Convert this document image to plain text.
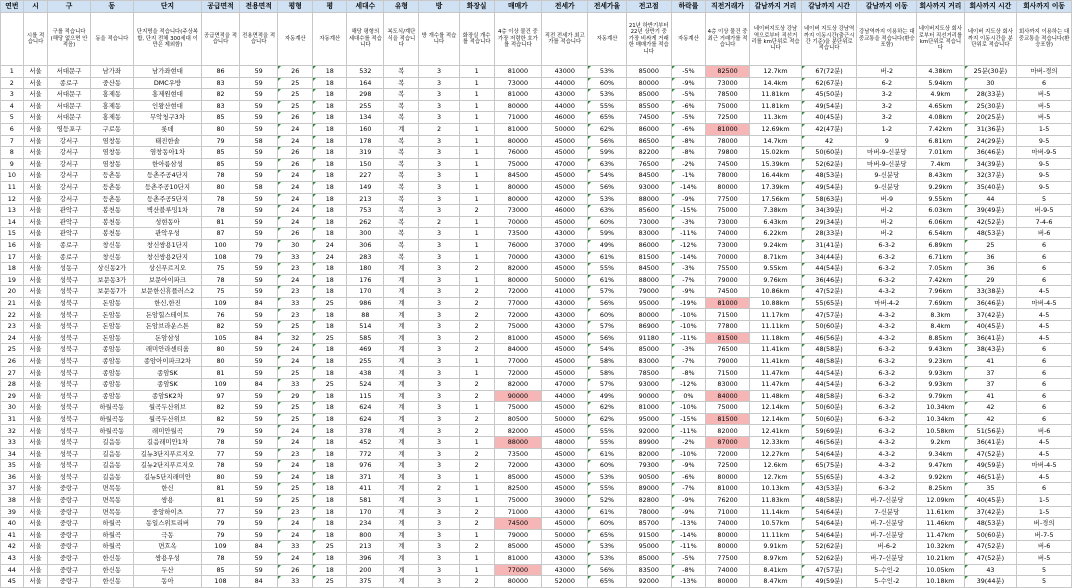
연번	시	구	동	단지	공급면적	전용면적	평형	평	세대수	유형	방	화장실	매매가	전세가	전세가율	전고점	하락률	직전거래가	갈남까지 거리	갈남까지 시간	갈남까지 이동	회사까지 거리	회사까지 시간	회사까지 이동
	시를 적습니다	구를 적습니다(해당 없으면 안 적음)	동을 적습니다	단지명을 적습니다(주상복합, 단지 전체 300세대 이만은 제외함)	공급면적을 적습니다	전용면적을 적습니다	자동계산	자동계산	해당 평형의 세대수를 적습니다	복도식/계단식을 적습니다	방 개수를 적습니다	화장실 개수를 적습니다	4층 이상 물건 중 가장 저렴한 호가를 적습니다	직전 전세가 최고가를 적습니다	자동계산	21년 하반기부터 22년 상반기 중 가장 비싸게 거래한 매매가를 적습니다	자동계산	4층 이상 물건 중 최근 거래가를 적습니다	네이버지도상 강남역으로부터 직선거리를 km단위로 적습니다	네이버 지도상 강남역까지 이동시간(출근시간 기준)을 분단위로 적습니다	강남역까지 이용하는 대중교통을 적습니다(환승포함)	네이버지도상 회사로부터 직선거리를 km단위로 적습니다	네이버 지도상 회사까지 이동시간을 분단위로 적습니다	회사까지 이용하는 대중교통을 적습니다(환승포함)
1	서울	서대문구	남가좌	남가좌현대	86	59	26	18	532	복	3	1	81000	43000	53%	85000	-5%	82500	12.7km	67(72분)	버-2	4.38km	25분(30분)	마버-경의
2	서울	종로구	중산동	DMC우방	83	59	25	18	164	복	3	1	73000	44000	60%	80000	-9%	73000	14.4km	62(67분)	6-2	5.94km	30	6
3	서울	서대문구	홍제동	홍제원현대	82	59	25	18	298	복	3	1	81000	43000	53%	85000	-5%	78500	11.81km	45(50분)	3-2	4.9km	28(33분)	버-5
4	서울	서대문구	홍제동	인왕산현대	83	59	25	18	255	복	3	1	80000	44000	55%	85500	-6%	75000	11.81km	49(54분)	3-2	4.65km	25(30분)	버-5
5	서울	서대문구	홍제동	무악청구3차	85	59	26	18	134	복	3	1	71000	46000	65%	74500	-5%	72500	11.3km	40(45분)	3-2	4.08km	20(25분)	버-5
6	서울	영등포구	구로동	롯데	80	59	24	18	160	계	2	1	81000	50000	62%	86000	-6%	81000	12.69km	42(47분)	1-2	7.42km	31(36분)	1-5
7	서울	강서구	염창동	태진한솔	79	58	24	18	178	복	3	1	80000	45000	56%	86500	-8%	78000	14.7km	42	9	6.81km	24(29분)	9-5
8	서울	강서구	염창동	염창동아1차	85	59	26	18	319	복	3	1	76000	45000	59%	82200	-8%	79800	15.02km	50(60분)	마버-9-신분당	7.01km	36(46분)	마버-9-5
9	서울	강서구	염창동	한아름삼성	85	59	26	18	150	복	3	1	75000	47000	63%	76500	-2%	74500	15.39km	52(62분)	마버-9-신분당	7.4km	34(39분)	9-5
10	서울	강서구	등촌동	등촌주공4단지	78	59	24	18	227	복	3	1	84500	45000	54%	84500	-1%	78000	16.44km	48(53분)	9-신분당	8.43km	32(37분)	9-5
11	서울	강서구	등촌동	등촌주공10단지	80	58	24	18	149	복	3	1	80000	45000	56%	93000	-14%	80000	17.39km	49(54분)	9-신분당	9.29km	35(40분)	9-5
12	서울	강서구	등촌동	등촌주공5단지	78	59	24	18	213	복	3	1	80000	42000	53%	88000	-9%	77500	17.56km	58(63분)	버-9	9.55km	44	5
13	서울	관악구	봉천동	벽산블루밍1차	78	59	24	18	753	복	3	2	73000	46000	63%	85600	-15%	75000	7.38km	34(39분)	버-2	6.03km	39(49분)	버-9-5
14	서울	관악구	봉천동	성현동아	81	59	24	18	262	복	2	1	70000	45000	60%	73000	-3%	73000	6.43km	29(34분)	버-2	6.06km	42(52분)	7-4-6
15	서울	관악구	봉천동	관악우성	87	59	26	18	300	복	3	1	73500	43000	59%	83000	-11%	74000	6.22km	28(33분)	버-2	6.54km	48(53분)	버-6
16	서울	종로구	창신동	창신쌍용1단지	100	79	30	24	306	복	3	1	76000	37000	49%	86000	-12%	73000	9.24km	31(41분)	6-3-2	6.89km	25	6
17	서울	종로구	창신동	창신쌍용2단지	108	79	33	24	283	복	3	1	70000	43000	61%	81500	-14%	70000	8.71km	34(44분)	6-3-2	6.71km	36	6
18	서울	성동구	상신동2가	상신푸르지오	75	59	23	18	180	계	3	2	82000	45000	55%	84500	-3%	75500	9.55km	44(54분)	6-3-2	7.05km	36	6
19	서울	성북구	보문동3가	보문아이파크	78	59	24	18	176	계	3	1	80000	50000	61%	88000	-7%	79000	9.76km	36(46분)	6-3-2	7.42km	29	6
20	서울	성북구	보문동7가	보문한신휴플러스2	75	59	23	18	170	계	3	2	72000	41000	57%	79000	-9%	74500	10.86km	47(52분)	4-3-2	7.96km	33(38분)	4-5
21	서울	성북구	돈암동	한신,한진	109	84	33	25	986	계	3	2	77000	43000	56%	95000	-19%	81000	10.88km	55(65분)	마버-4-2	7.69km	36(46분)	마버-4-5
22	서울	성북구	돈암동	돈암힐스테이트	76	59	23	18	88	계	3	2	72000	43000	60%	80000	-10%	71500	11.17km	47(57분)	4-3-2	8.3km	37(42분)	4-5
23	서울	성북구	돈암동	돈암브라운스톤	82	59	25	18	514	계	3	2	75000	43000	57%	86900	-10%	77800	11.11km	50(60분)	4-3-2	8.4km	40(45분)	4-5
24	서울	성북구	돈암동	돈암삼성	105	84	32	25	585	계	3	2	81000	45000	56%	91180	-11%	81500	11.18km	46(56분)	4-3-2	8.85km	36(41분)	4-5
25	서울	성북구	종암동	래미안라센티움	80	59	24	18	469	계	3	2	84000	45000	54%	85000	-3%	76500	11.41km	48(58분)	6-3-2	9.43km	38(43분)	6
26	서울	성북구	종암동	종암아이파크2차	80	59	24	18	255	계	3	1	77000	45000	58%	83000	-7%	79000	11.41km	48(58분)	6-3-2	9.23km	41	6
27	서울	성북구	종암동	종암SK	81	59	25	18	438	계	3	1	72000	45000	58%	78500	-8%	71500	11.47km	44(54분)	6-3-2	9.93km	37	6
28	서울	성북구	종암동	종암SK	109	84	33	25	524	계	3	2	82000	47000	57%	93000	-12%	83000	11.47km	44(54분)	6-3-2	9.93km	37	6
29	서울	성북구	종암동	종암SK2차	97	59	29	18	115	계	3	2	90000	44000	49%	90000	0%	84000	11.48km	48(58분)	6-3-2	9.79km	41	6
30	서울	성북구	하월곡동	월곡두산위브	82	59	25	18	624	계	3	1	75000	45000	62%	81000	-10%	75000	12.14km	50(60분)	6-3-2	10.34km	42	6
31	서울	성북구	하월곡동	월곡두산위브	82	59	25	18	624	계	3	2	80500	50000	62%	95000	-15%	81500	12.14km	50(60분)	6-3-2	10.34km	42	6
32	서울	성북구	하월곡동	래미안월곡	79	59	24	18	378	계	3	2	82000	45000	55%	92000	-11%	82000	12.41km	59(69분)	6-3-2	10.58km	51(56분)	버-6
33	서울	성북구	길음동	길음래미안1차	78	59	24	18	452	계	3	1	88000	48000	55%	89900	-2%	87000	12.33km	46(56분)	4-3-2	9.2km	36(41분)	4-5
34	서울	성북구	길음동	길뉴3단지푸르지오	77	59	23	18	772	계	3	2	73500	45000	61%	82000	-10%	72000	12.27km	54(64분)	4-3-2	9.34km	47(52분)	4-5
35	서울	성북구	길음동	길뉴2단지푸르지오	78	59	24	18	976	계	3	2	72000	43000	60%	79300	-9%	72500	12.6km	65(75분)	4-3-2	9.47km	49(59분)	마버-4-5
36	서울	성북구	길음동	길뉴5단지래미안	80	59	24	18	371	계	3	1	85000	45000	53%	90500	-6%	80000	12.7km	55(65분)	4-3-2	9.92km	46(51분)	4-5
37	서울	중랑구	면목동	한신	81	59	25	18	411	계	2	1	82500	45000	55%	89000	-7%	81000	10.13km	43(53분)	6-3-2	8.25km	35	6
38	서울	중랑구	면목동	쌍용	81	59	25	18	581	계	3	1	75000	39000	52%	82800	-9%	76200	11.83km	48(58분)	버-7-신분당	12.09km	40(45분)	1-5
39	서울	중랑구	면목동	중앙하이츠	77	59	23	18	170	계	3	2	71000	43000	61%	78000	-9%	71000	11.14km	54(64분)	7-신분당	11.61km	37(42분)	1-5
40	서울	중랑구	하월곡	동일스위트리버	79	59	24	18	234	계	3	2	74500	45000	60%	85700	-13%	74000	10.57km	54(64분)	버-7-신분당	11.46km	48(53분)	버-경의
41	서울	중랑구	하월곡	극동	79	59	24	18	800	계	3	1	79000	50000	65%	91500	-14%	80000	11.11km	54(64분)	버-7-신분당	11.47km	50(60분)	버-7-5
42	서울	중랑구	하월곡	면흐옥	109	84	33	25	213	계	3	2	85000	45000	53%	95000	-11%	80000	9.91km	52(62분)	버-6-2	10.32km	47(52분)	버-6
43	서울	중랑구	한신동	쌍용우성	78	59	24	18	396	계	3	1	81000	43000	53%	85000	-5%	77500	8.97km	52(62분)	버-7-신분당	10.21km	47(52분)	버-5
44	서울	중랑구	한신동	두산	85	59	26	18	200	계	3	1	77000	43000	56%	83500	-8%	74000	8.41km	47(57분)	5-수인-2	10.05km	43	5
45	서울	중랑구	한신동	동아	108	84	33	25	375	계	3	2	80000	52000	65%	92000	-13%	80000	8.47km	49(59분)	5-수인-2	10.18km	39(44분)	5
